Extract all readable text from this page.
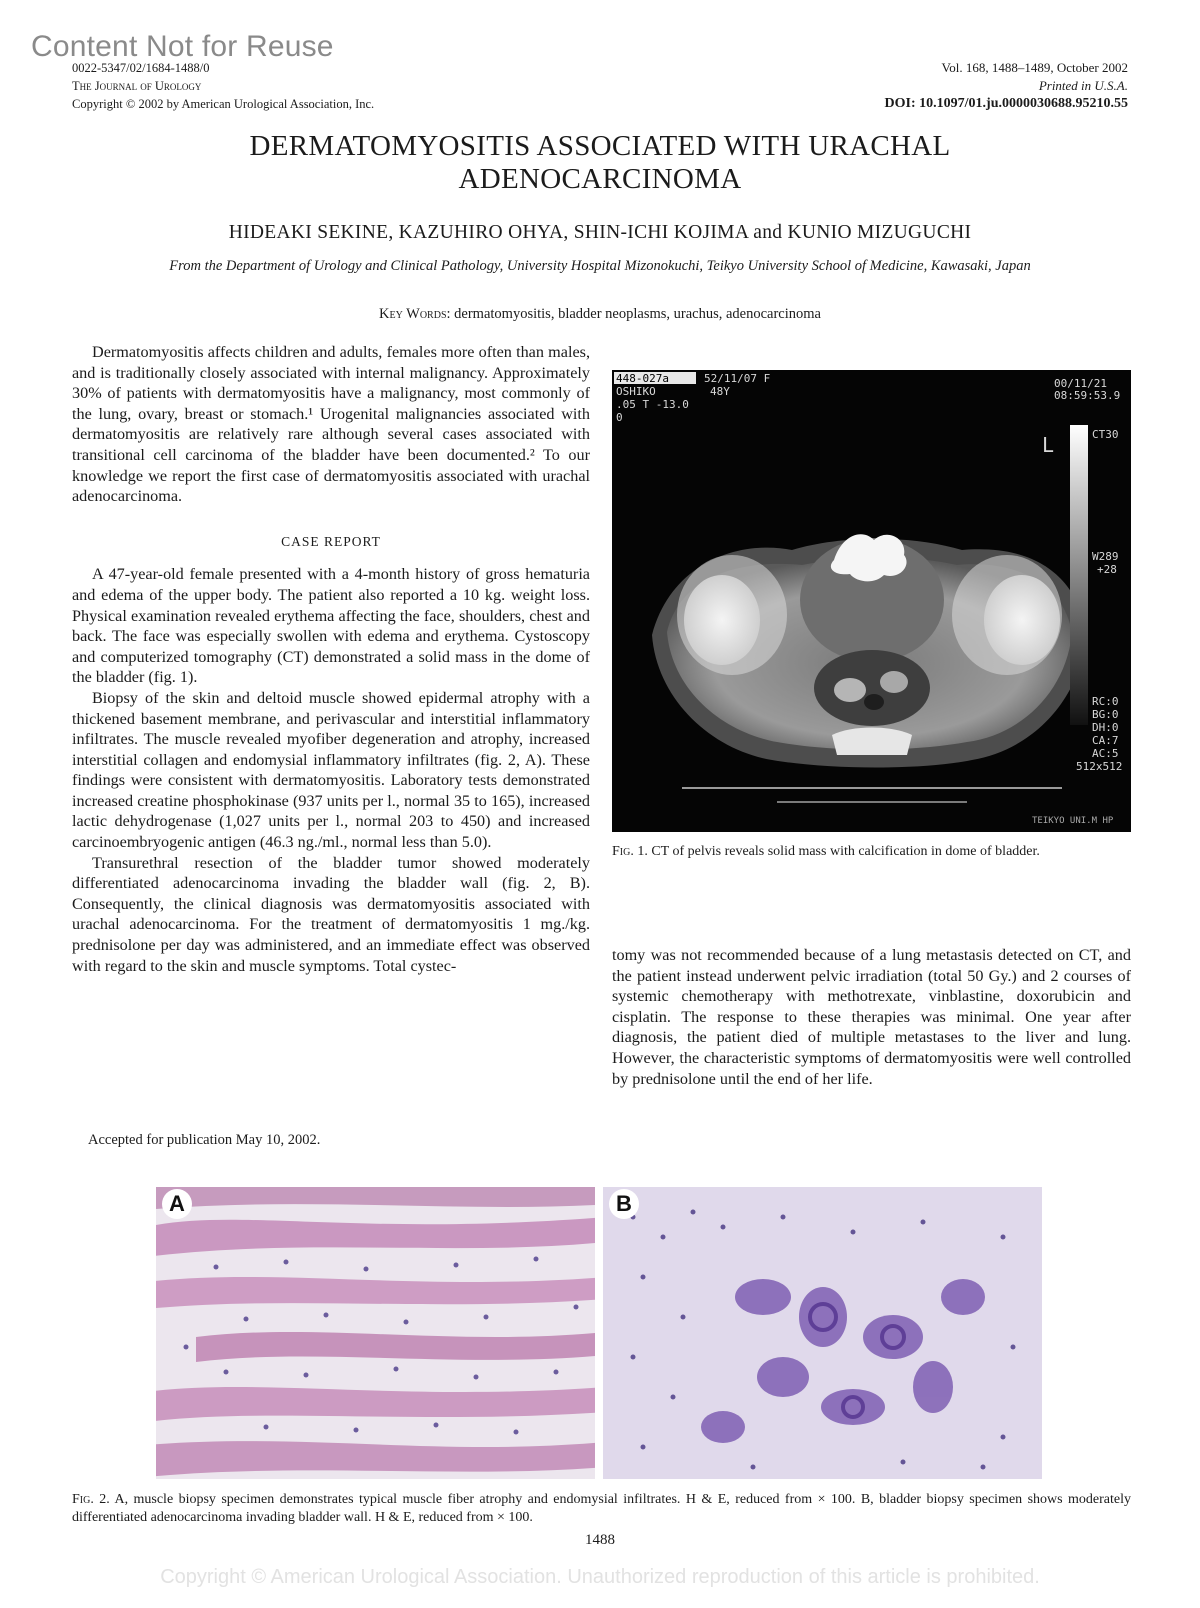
Content Not for Reuse
0022-5347/02/1684-1488/0
The Journal of Urology
Copyright © 2002 by American Urological Association, Inc.
Vol. 168, 1488–1489, October 2002
Printed in U.S.A.
DOI: 10.1097/01.ju.0000030688.95210.55
DERMATOMYOSITIS ASSOCIATED WITH URACHAL
ADENOCARCINOMA
HIDEAKI SEKINE, KAZUHIRO OHYA, SHIN-ICHI KOJIMA and KUNIO MIZUGUCHI
From the Department of Urology and Clinical Pathology, University Hospital Mizonokuchi, Teikyo University School of Medicine, Kawasaki, Japan
Key Words: dermatomyositis, bladder neoplasms, urachus, adenocarcinoma

Dermatomyositis affects children and adults, females more often than males, and is traditionally closely associated with internal malignancy. Approximately 30% of patients with dermatomyositis have a malignancy, most commonly of the lung, ovary, breast or stomach.¹ Urogenital malignancies associated with dermatomyositis are relatively rare although several cases associated with transitional cell carcinoma of the bladder have been documented.² To our knowledge we report the first case of dermatomyositis associated with urachal adenocarcinoma.

CASE REPORT

A 47-year-old female presented with a 4-month history of gross hematuria and edema of the upper body. The patient also reported a 10 kg. weight loss. Physical examination revealed erythema affecting the face, shoulders, chest and back. The face was especially swollen with edema and erythema. Cystoscopy and computerized tomography (CT) demonstrated a solid mass in the dome of the bladder (fig. 1).

Biopsy of the skin and deltoid muscle showed epidermal atrophy with a thickened basement membrane, and perivascular and interstitial inflammatory infiltrates. The muscle revealed myofiber degeneration and atrophy, increased interstitial collagen and endomysial inflammatory infiltrates (fig. 2, A). These findings were consistent with dermatomyositis. Laboratory tests demonstrated increased creatine phosphokinase (937 units per l., normal 35 to 165), increased lactic dehydrogenase (1,027 units per l., normal 203 to 450) and increased carcinoembryogenic antigen (46.3 ng./ml., normal less than 5.0).

Transurethral resection of the bladder tumor showed moderately differentiated adenocarcinoma invading the bladder wall (fig. 2, B). Consequently, the clinical diagnosis was dermatomyositis associated with urachal adenocarcinoma. For the treatment of dermatomyositis 1 mg./kg. prednisolone per day was administered, and an immediate effect was observed with regard to the skin and muscle symptoms. Total cystec-

Accepted for publication May 10, 2002.
448-027a	52/11/07 F
OSHIKO	48Y
.05 T -13.0
0
00/11/21
08:59:53.9
L	CT30
W289
+28
RC:0
BG:0
DH:0
CA:7
AC:5
512x512
TEIKYO UNI.M HP
Fig. 1. CT of pelvis reveals solid mass with calcification in dome of bladder.

tomy was not recommended because of a lung metastasis detected on CT, and the patient instead underwent pelvic irradiation (total 50 Gy.) and 2 courses of systemic chemotherapy with methotrexate, vinblastine, doxorubicin and cisplatin. The response to these therapies was minimal. One year after diagnosis, the patient died of multiple metastases to the liver and lung. However, the characteristic symptoms of dermatomyositis were well controlled by prednisolone until the end of her life.

A	B
Fig. 2. A, muscle biopsy specimen demonstrates typical muscle fiber atrophy and endomysial infiltrates. H & E, reduced from × 100. B, bladder biopsy specimen shows moderately differentiated adenocarcinoma invading bladder wall. H & E, reduced from × 100.
1488
Copyright © American Urological Association. Unauthorized reproduction of this article is prohibited.
